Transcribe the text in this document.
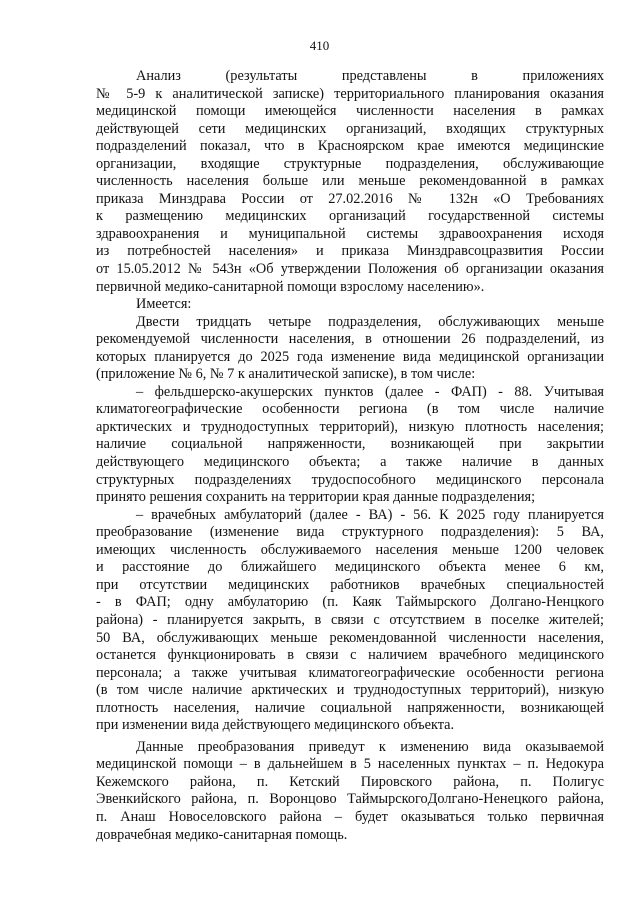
410
Анализ (результаты представлены в приложениях
№ 5-9 к аналитической записке) территориального планирования оказания
медицинской помощи имеющейся численности населения в рамках
действующей сети медицинских организаций, входящих структурных
подразделений показал, что в Красноярском крае имеются медицинские
организации, входящие структурные подразделения, обслуживающие
численность населения больше или меньше рекомендованной в рамках
приказа Минздрава России от 27.02.2016 № 132н «О Требованиях
к размещению медицинских организаций государственной системы
здравоохранения и муниципальной системы здравоохранения исходя
из потребностей населения» и приказа Минздравсоцразвития России
от 15.05.2012 № 543н «Об утверждении Положения об организации оказания
первичной медико-санитарной помощи взрослому населению».
Имеется:
Двести тридцать четыре подразделения, обслуживающих меньше
рекомендуемой численности населения, в отношении 26 подразделений, из
которых планируется до 2025 года изменение вида медицинской организации
(приложение № 6, № 7 к аналитической записке), в том числе:
– фельдшерско-акушерских пунктов (далее - ФАП) - 88. Учитывая
климатогеографические особенности региона (в том числе наличие
арктических и труднодоступных территорий), низкую плотность населения;
наличие социальной напряженности, возникающей при закрытии
действующего медицинского объекта; а также наличие в данных
структурных подразделениях трудоспособного медицинского персонала
принято решения сохранить на территории края данные подразделения;
– врачебных амбулаторий (далее - ВА) - 56. К 2025 году планируется
преобразование (изменение вида структурного подразделения): 5 ВА,
имеющих численность обслуживаемого населения меньше 1200 человек
и расстояние до ближайшего медицинского объекта менее 6 км,
при отсутствии медицинских работников врачебных специальностей
- в ФАП; одну амбулаторию (п. Каяк Таймырского Долгано-Ненцкого
района) - планируется закрыть, в связи с отсутствием в поселке жителей;
50 ВА, обслуживающих меньше рекомендованной численности населения,
останется функционировать в связи с наличием врачебного медицинского
персонала; а также учитывая климатогеографические особенности региона
(в том числе наличие арктических и труднодоступных территорий), низкую
плотность населения, наличие социальной напряженности, возникающей
при изменении вида действующего медицинского объекта.
Данные преобразования приведут к изменению вида оказываемой
медицинской помощи – в дальнейшем в 5 населенных пунктах – п. Недокура
Кежемского района, п. Кетский Пировского района, п. Полигус
Эвенкийского района, п. Воронцово ТаймырскогоДолгано-Ненецкого района,
п. Анаш Новоселовского района – будет оказываться только первичная
доврачебная медико-санитарная помощь.
